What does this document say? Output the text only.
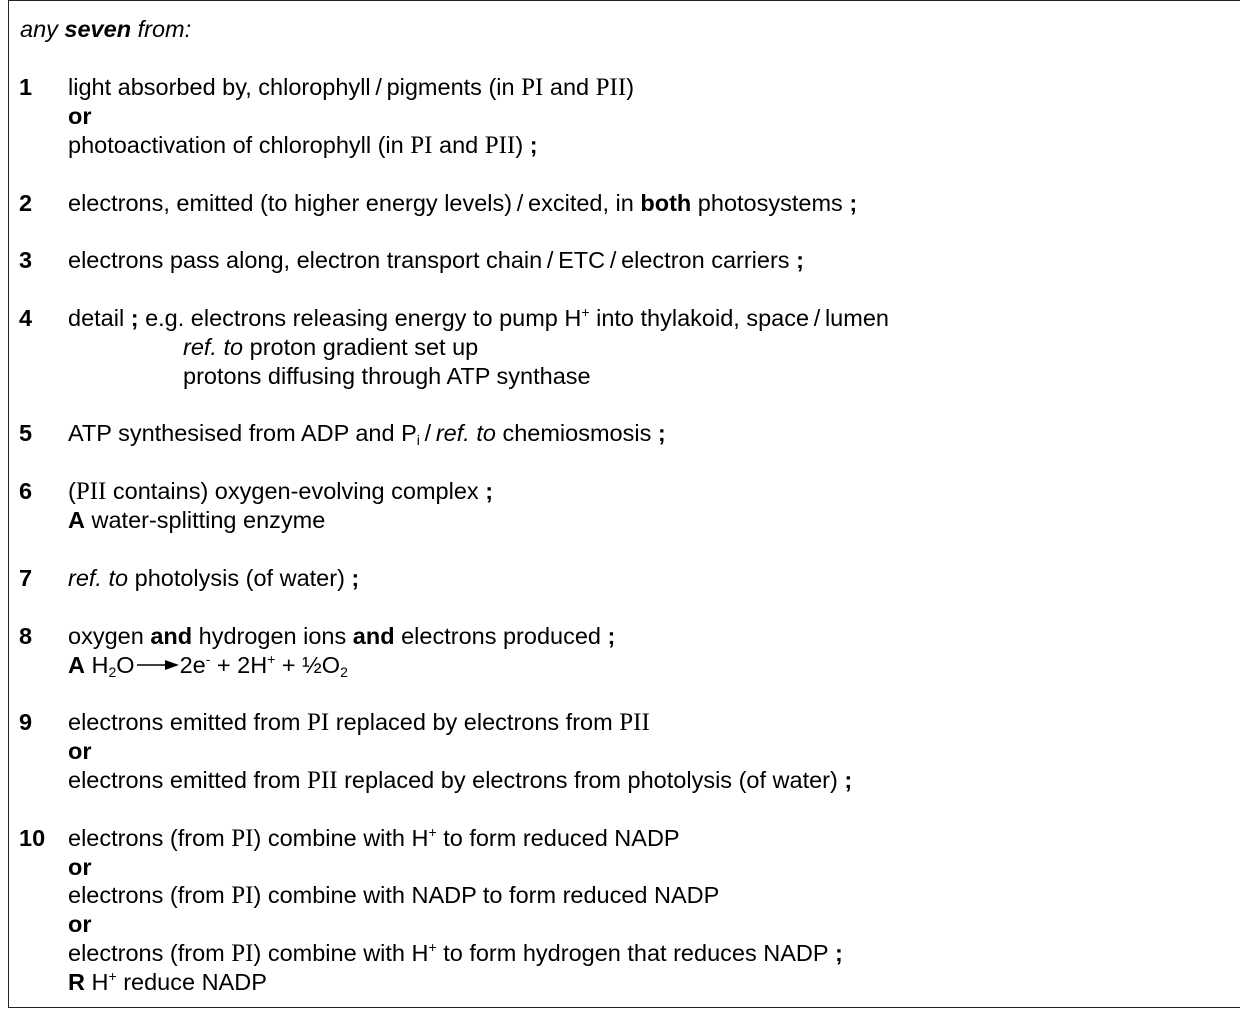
any seven from:
1 light absorbed by, chlorophyll / pigments (in PI and PII)
or
photoactivation of chlorophyll (in PI and PII) ;
2 electrons, emitted (to higher energy levels) / excited, in both photosystems ;
3 electrons pass along, electron transport chain / ETC / electron carriers ;
4 detail ; e.g. electrons releasing energy to pump H+ into thylakoid, space / lumen
ref. to proton gradient set up
protons diffusing through ATP synthase
5 ATP synthesised from ADP and $P_i$ / ref. to chemiosmosis ;
6 (PII contains) oxygen-evolving complex ;
A water-splitting enzyme
7 ref. to photolysis (of water) ;
8 oxygen and hydrogen ions and electrons produced ;
A $H_2O \to 2e^- + 2H^+$ + $\frac{1}{2}O_2$
9 electrons emitted from PI replaced by electrons from PII
or
electrons emitted from PII replaced by electrons from photolysis (of water) ;
10 electrons (from PI) combine with H+ to form reduced NADP
or
electrons (from PI) combine with NADP to form reduced NADP
or
electrons (from PI) combine with H+ to form hydrogen that reduces NADP ;
R H+ reduce NADP
